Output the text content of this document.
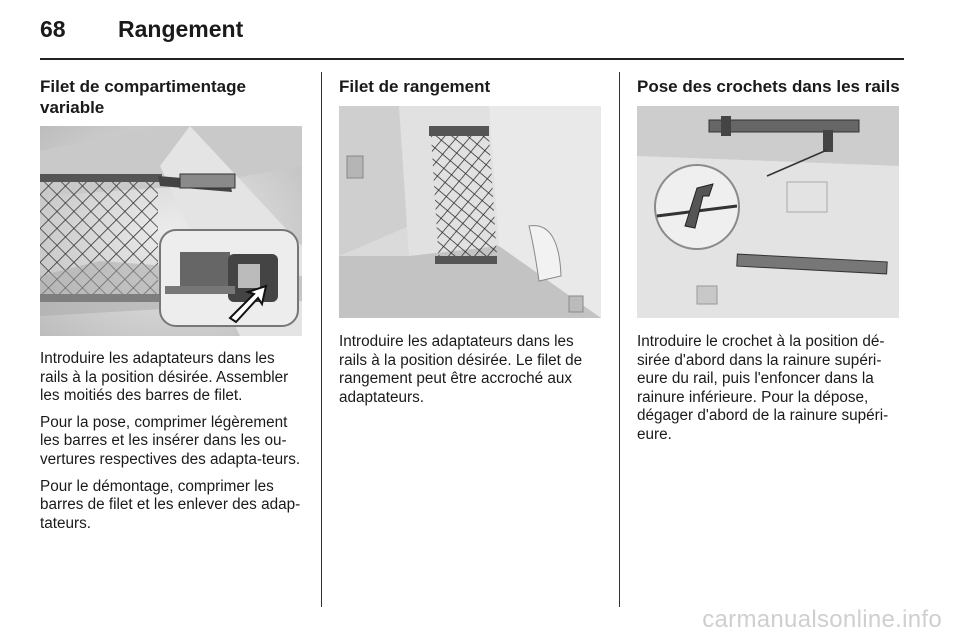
68 Rangement
Filet de compartimentage variable

Introduire les adaptateurs dans les rails à la position désirée. Assembler les moitiés des barres de filet.

Pour la pose, comprimer légèrement les barres et les insérer dans les ou-vertures respectives des adapta-teurs.

Pour le démontage, comprimer les barres de filet et les enlever des adap-tateurs.

Filet de rangement

Introduire les adaptateurs dans les rails à la position désirée. Le filet de rangement peut être accroché aux adaptateurs.

Pose des crochets dans les rails

Introduire le crochet à la position dé-sirée d'abord dans la rainure supéri-eure du rail, puis l'enfoncer dans la rainure inférieure. Pour la dépose, dégager d'abord de la rainure supéri-eure.

carmanualsonline.info
